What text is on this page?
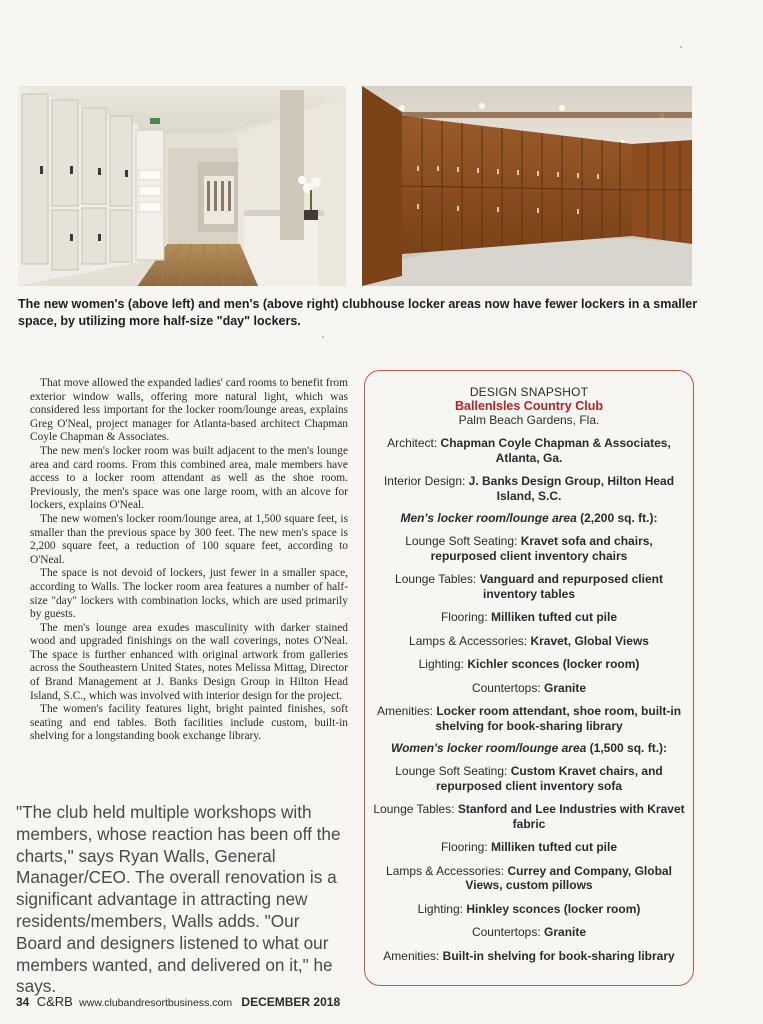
The new women's (above left) and men's (above right) clubhouse locker areas now have fewer lockers in a smaller space, by utilizing more half-size "day" lockers.

That move allowed the expanded ladies' card rooms to benefit from exterior window walls, offering more natural light, which was considered less important for the locker room/lounge areas, explains Greg O'Neal, project manager for Atlanta-based architect Chapman Coyle Chapman & Associates.

The new men's locker room was built adjacent to the men's lounge area and card rooms. From this combined area, male members have access to a locker room attendant as well as the shoe room. Previously, the men's space was one large room, with an alcove for lockers, explains O'Neal.

The new women's locker room/lounge area, at 1,500 square feet, is smaller than the previous space by 300 feet. The new men's space is 2,200 square feet, a reduction of 100 square feet, according to O'Neal.

The space is not devoid of lockers, just fewer in a smaller space, according to Walls. The locker room area features a number of half-size "day" lockers with combination locks, which are used primarily by guests.

The men's lounge area exudes masculinity with darker stained wood and upgraded finishings on the wall coverings, notes O'Neal. The space is further enhanced with original artwork from galleries across the Southeastern United States, notes Melissa Mittag, Director of Brand Management at J. Banks Design Group in Hilton Head Island, S.C., which was involved with interior design for the project.

The women's facility features light, bright painted finishes, soft seating and end tables. Both facilities include custom, built-in shelving for a longstanding book exchange library.

"The club held multiple workshops with members, whose reaction has been off the charts," says Ryan Walls, General Manager/CEO. The overall renovation is a significant advantage in attracting new residents/members, Walls adds. "Our Board and designers listened to what our members wanted, and delivered on it," he says.
DESIGN SNAPSHOT
BallenIsles Country Club
Palm Beach Gardens, Fla.
Architect: Chapman Coyle Chapman & Associates, Atlanta, Ga.
Interior Design: J. Banks Design Group, Hilton Head Island, S.C.
Men's locker room/lounge area (2,200 sq. ft.):
Lounge Soft Seating: Kravet sofa and chairs, repurposed client inventory chairs
Lounge Tables: Vanguard and repurposed client inventory tables
Flooring: Milliken tufted cut pile
Lamps & Accessories: Kravet, Global Views
Lighting: Kichler sconces (locker room)
Countertops: Granite
Amenities: Locker room attendant, shoe room, built-in shelving for book-sharing library
Women's locker room/lounge area (1,500 sq. ft.):
Lounge Soft Seating: Custom Kravet chairs, and repurposed client inventory sofa
Lounge Tables: Stanford and Lee Industries with Kravet fabric
Flooring: Milliken tufted cut pile
Lamps & Accessories: Currey and Company, Global Views, custom pillows
Lighting: Hinkley sconces (locker room)
Countertops: Granite
Amenities: Built-in shelving for book-sharing library
34 C&RB www.clubandresortbusiness.com DECEMBER 2018
